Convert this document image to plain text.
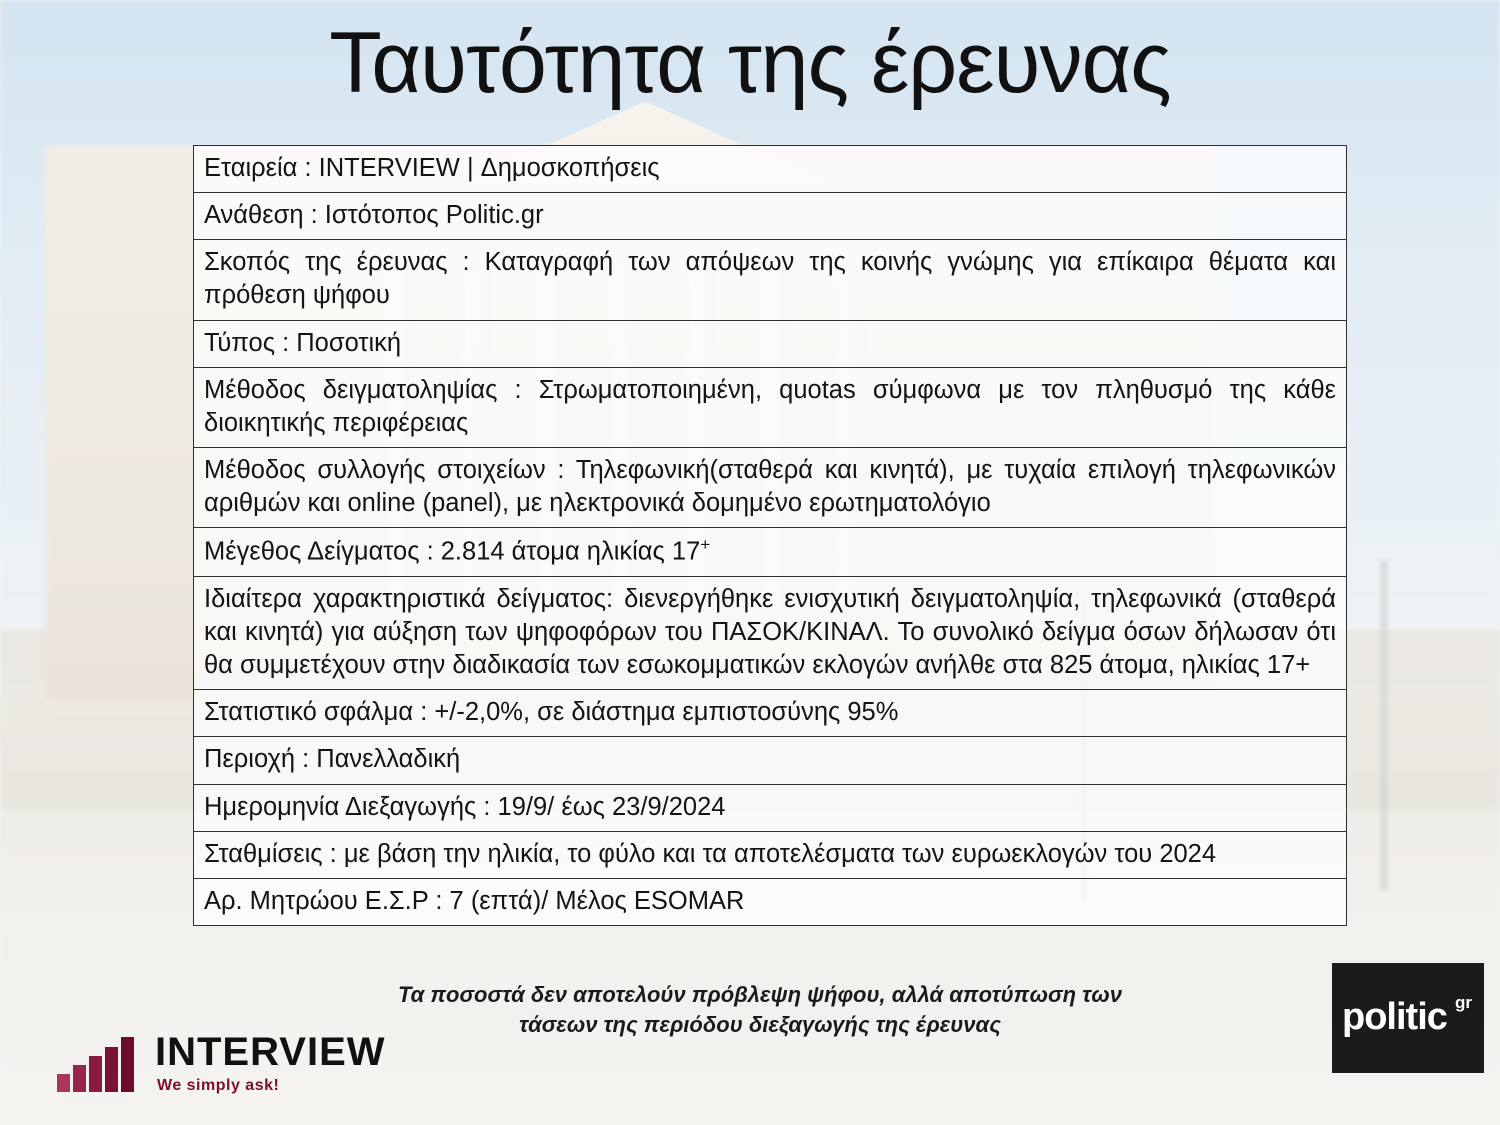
Ταυτότητα της έρευνας
Εταιρεία : INTERVIEW | Δημοσκοπήσεις
Ανάθεση : Ιστότοπος Politic.gr
Σκοπός της έρευνας : Καταγραφή των απόψεων της κοινής γνώμης για επίκαιρα θέματα και πρόθεση ψήφου
Τύπος : Ποσοτική
Μέθοδος δειγματοληψίας : Στρωματοποιημένη, quotas σύμφωνα με τον πληθυσμό της κάθε διοικητικής περιφέρειας
Μέθοδος συλλογής στοιχείων : Τηλεφωνική(σταθερά και κινητά), με τυχαία επιλογή τηλεφωνικών αριθμών και online (panel), με ηλεκτρονικά δομημένο ερωτηματολόγιο
Μέγεθος Δείγματος : 2.814 άτομα ηλικίας 17+
Ιδιαίτερα χαρακτηριστικά δείγματος: διενεργήθηκε ενισχυτική δειγματοληψία, τηλεφωνικά (σταθερά και κινητά) για αύξηση των ψηφοφόρων του ΠΑΣΟΚ/ΚΙΝΑΛ. Το συνολικό δείγμα όσων δήλωσαν ότι θα συμμετέχουν στην διαδικασία των εσωκομματικών εκλογών ανήλθε στα 825 άτομα, ηλικίας 17+
Στατιστικό σφάλμα : +/-2,0%, σε διάστημα εμπιστοσύνης 95%
Περιοχή : Πανελλαδική
Ημερομηνία Διεξαγωγής : 19/9/ έως 23/9/2024
Σταθμίσεις : με βάση την ηλικία, το φύλο και τα αποτελέσματα των ευρωεκλογών του 2024
Αρ. Μητρώου Ε.Σ.Ρ : 7 (επτά)/ Μέλος ESOMAR
Τα ποσοστά δεν αποτελούν πρόβλεψη ψήφου, αλλά αποτύπωση των
τάσεων της περιόδου διεξαγωγής της έρευνας
INTERVIEW
We simply ask!
politic gr
